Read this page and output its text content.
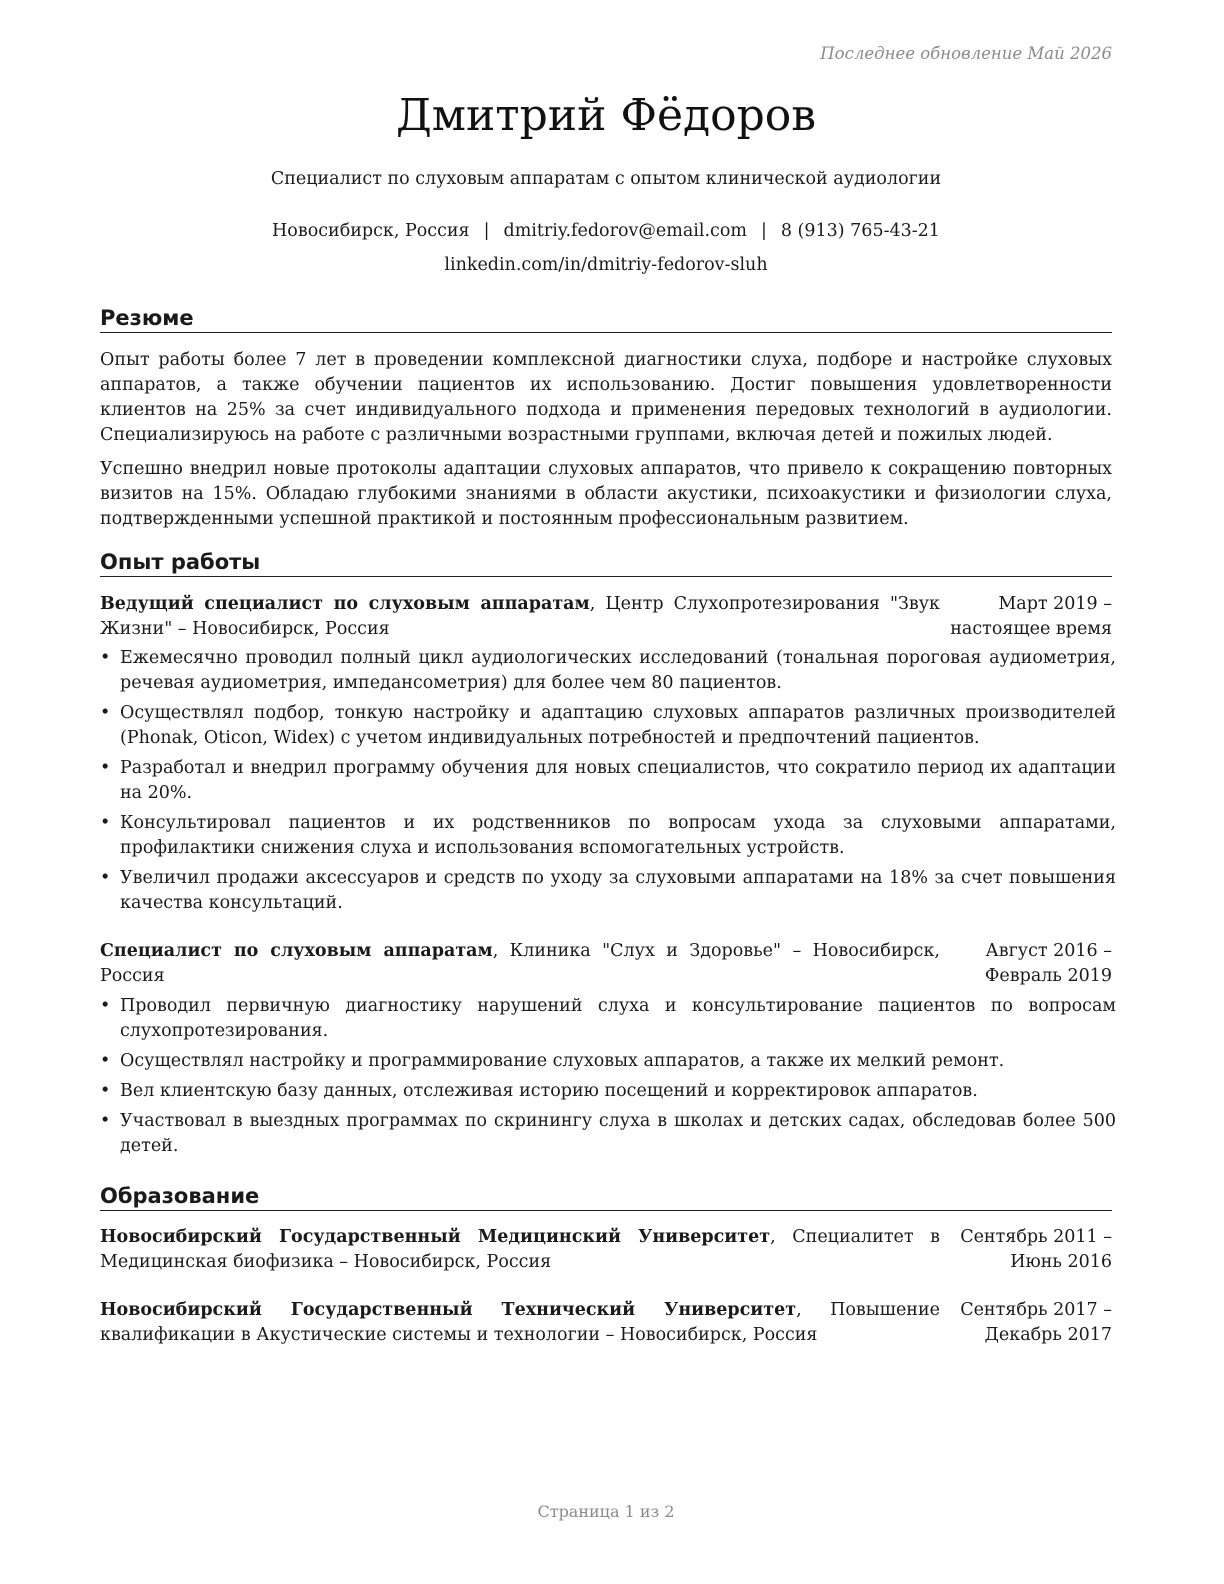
Последнее обновление Май 2026
Дмитрий Фёдоров
Специалист по слуховым аппаратам с опытом клинической аудиологии
Новосибирск, Россия | dmitriy.fedorov@email.com | 8 (913) 765-43-21
linkedin.com/in/dmitriy-fedorov-sluh
Резюме
Опыт работы более 7 лет в проведении комплексной диагностики слуха, подборе и настройке слуховых аппаратов, а также обучении пациентов их использованию. Достиг повышения удовлетворенности клиентов на 25% за счет индивидуального подхода и применения передовых технологий в аудиологии. Специализируюсь на работе с различными возрастными группами, включая детей и пожилых людей.
Успешно внедрил новые протоколы адаптации слуховых аппаратов, что привело к сокращению повторных визитов на 15%. Обладаю глубокими знаниями в области акустики, психоакустики и физиологии слуха, подтвержденными успешной практикой и постоянным профессиональным развитием.
Опыт работы
Ведущий специалист по слуховым аппаратам, Центр Слухопротезирования "Звук Жизни" – Новосибирск, Россия
Март 2019 – настоящее время
• Ежемесячно проводил полный цикл аудиологических исследований (тональная пороговая аудиометрия, речевая аудиометрия, импедансометрия) для более чем 80 пациентов.
• Осуществлял подбор, тонкую настройку и адаптацию слуховых аппаратов различных производителей (Phonak, Oticon, Widex) с учетом индивидуальных потребностей и предпочтений пациентов.
• Разработал и внедрил программу обучения для новых специалистов, что сократило период их адаптации на 20%.
• Консультировал пациентов и их родственников по вопросам ухода за слуховыми аппаратами, профилактики снижения слуха и использования вспомогательных устройств.
• Увеличил продажи аксессуаров и средств по уходу за слуховыми аппаратами на 18% за счет повышения качества консультаций.
Специалист по слуховым аппаратам, Клиника "Слух и Здоровье" – Новосибирск, Россия
Август 2016 – Февраль 2019
• Проводил первичную диагностику нарушений слуха и консультирование пациентов по вопросам слухопротезирования.
• Осуществлял настройку и программирование слуховых аппаратов, а также их мелкий ремонт.
• Вел клиентскую базу данных, отслеживая историю посещений и корректировок аппаратов.
• Участвовал в выездных программах по скринингу слуха в школах и детских садах, обследовав более 500 детей.
Образование
Новосибирский Государственный Медицинский Университет, Специалитет в Медицинская биофизика – Новосибирск, Россия
Сентябрь 2011 – Июнь 2016
Новосибирский Государственный Технический Университет, Повышение квалификации в Акустические системы и технологии – Новосибирск, Россия
Сентябрь 2017 – Декабрь 2017
Страница 1 из 2
